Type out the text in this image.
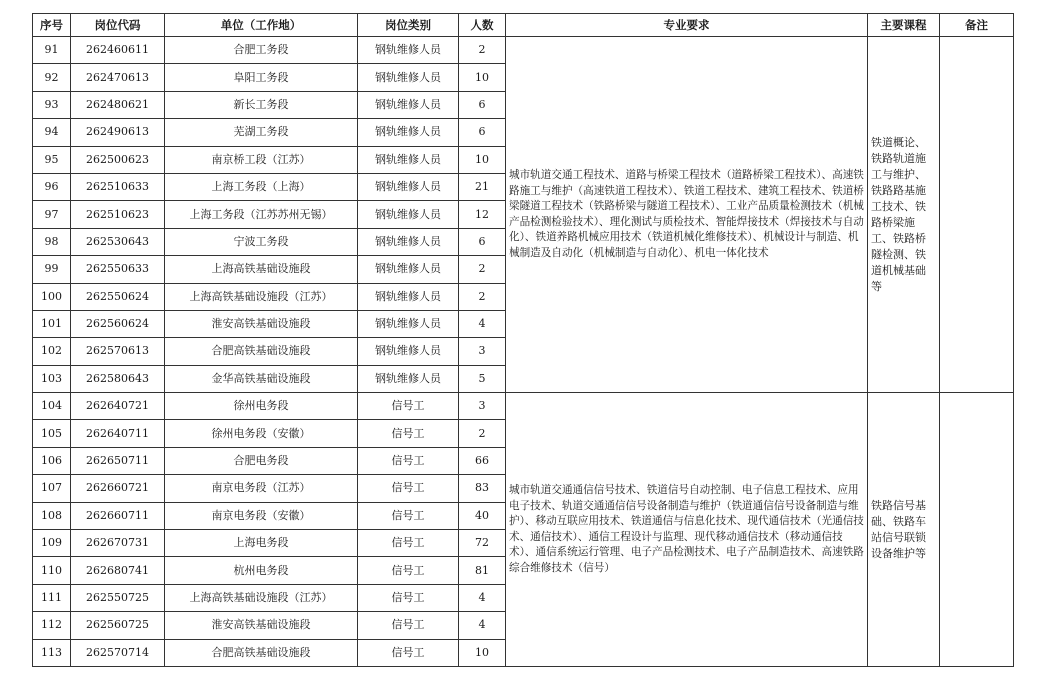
序号	岗位代码	单位（工作地）	岗位类别	人数	专业要求	主要课程	备注
91	262460611	合肥工务段	钢轨维修人员	2	城市轨道交通工程技术、道路与桥梁工程技术（道路桥梁工程技术）、高速铁路施工与维护（高速铁道工程技术）、铁道工程技术、建筑工程技术、铁道桥梁隧道工程技术（铁路桥梁与隧道工程技术）、工业产品质量检测技术（机械产品检测检验技术）、理化测试与质检技术、智能焊接技术（焊接技术与自动化）、铁道养路机械应用技术（铁道机械化维修技术）、机械设计与制造、机械制造及自动化（机械制造与自动化）、机电一体化技术	铁道概论、铁路轨道施工与维护、铁路路基施工技术、铁路桥梁施工、铁路桥隧检测、铁道机械基础等	
92	262470613	阜阳工务段	钢轨维修人员	10			
93	262480621	新长工务段	钢轨维修人员	6			
94	262490613	芜湖工务段	钢轨维修人员	6			
95	262500623	南京桥工段（江苏）	钢轨维修人员	10			
96	262510633	上海工务段（上海）	钢轨维修人员	21			
97	262510623	上海工务段（江苏苏州无锡）	钢轨维修人员	12			
98	262530643	宁波工务段	钢轨维修人员	6			
99	262550633	上海高铁基础设施段	钢轨维修人员	2			
100	262550624	上海高铁基础设施段（江苏）	钢轨维修人员	2			
101	262560624	淮安高铁基础设施段	钢轨维修人员	4			
102	262570613	合肥高铁基础设施段	钢轨维修人员	3			
103	262580643	金华高铁基础设施段	钢轨维修人员	5			
104	262640721	徐州电务段	信号工	3	城市轨道交通通信信号技术、铁道信号自动控制、电子信息工程技术、应用电子技术、轨道交通通信信号设备制造与维护（铁道通信信号设备制造与维护）、移动互联应用技术、铁道通信与信息化技术、现代通信技术（光通信技术、通信技术）、通信工程设计与监理、现代移动通信技术（移动通信技术）、通信系统运行管理、电子产品检测技术、电子产品制造技术、高速铁路综合维修技术（信号）	铁路信号基础、铁路车站信号联锁设备维护等	
105	262640711	徐州电务段（安徽）	信号工	2			
106	262650711	合肥电务段	信号工	66			
107	262660721	南京电务段（江苏）	信号工	83			
108	262660711	南京电务段（安徽）	信号工	40			
109	262670731	上海电务段	信号工	72			
110	262680741	杭州电务段	信号工	81			
111	262550725	上海高铁基础设施段（江苏）	信号工	4			
112	262560725	淮安高铁基础设施段	信号工	4			
113	262570714	合肥高铁基础设施段	信号工	10			
